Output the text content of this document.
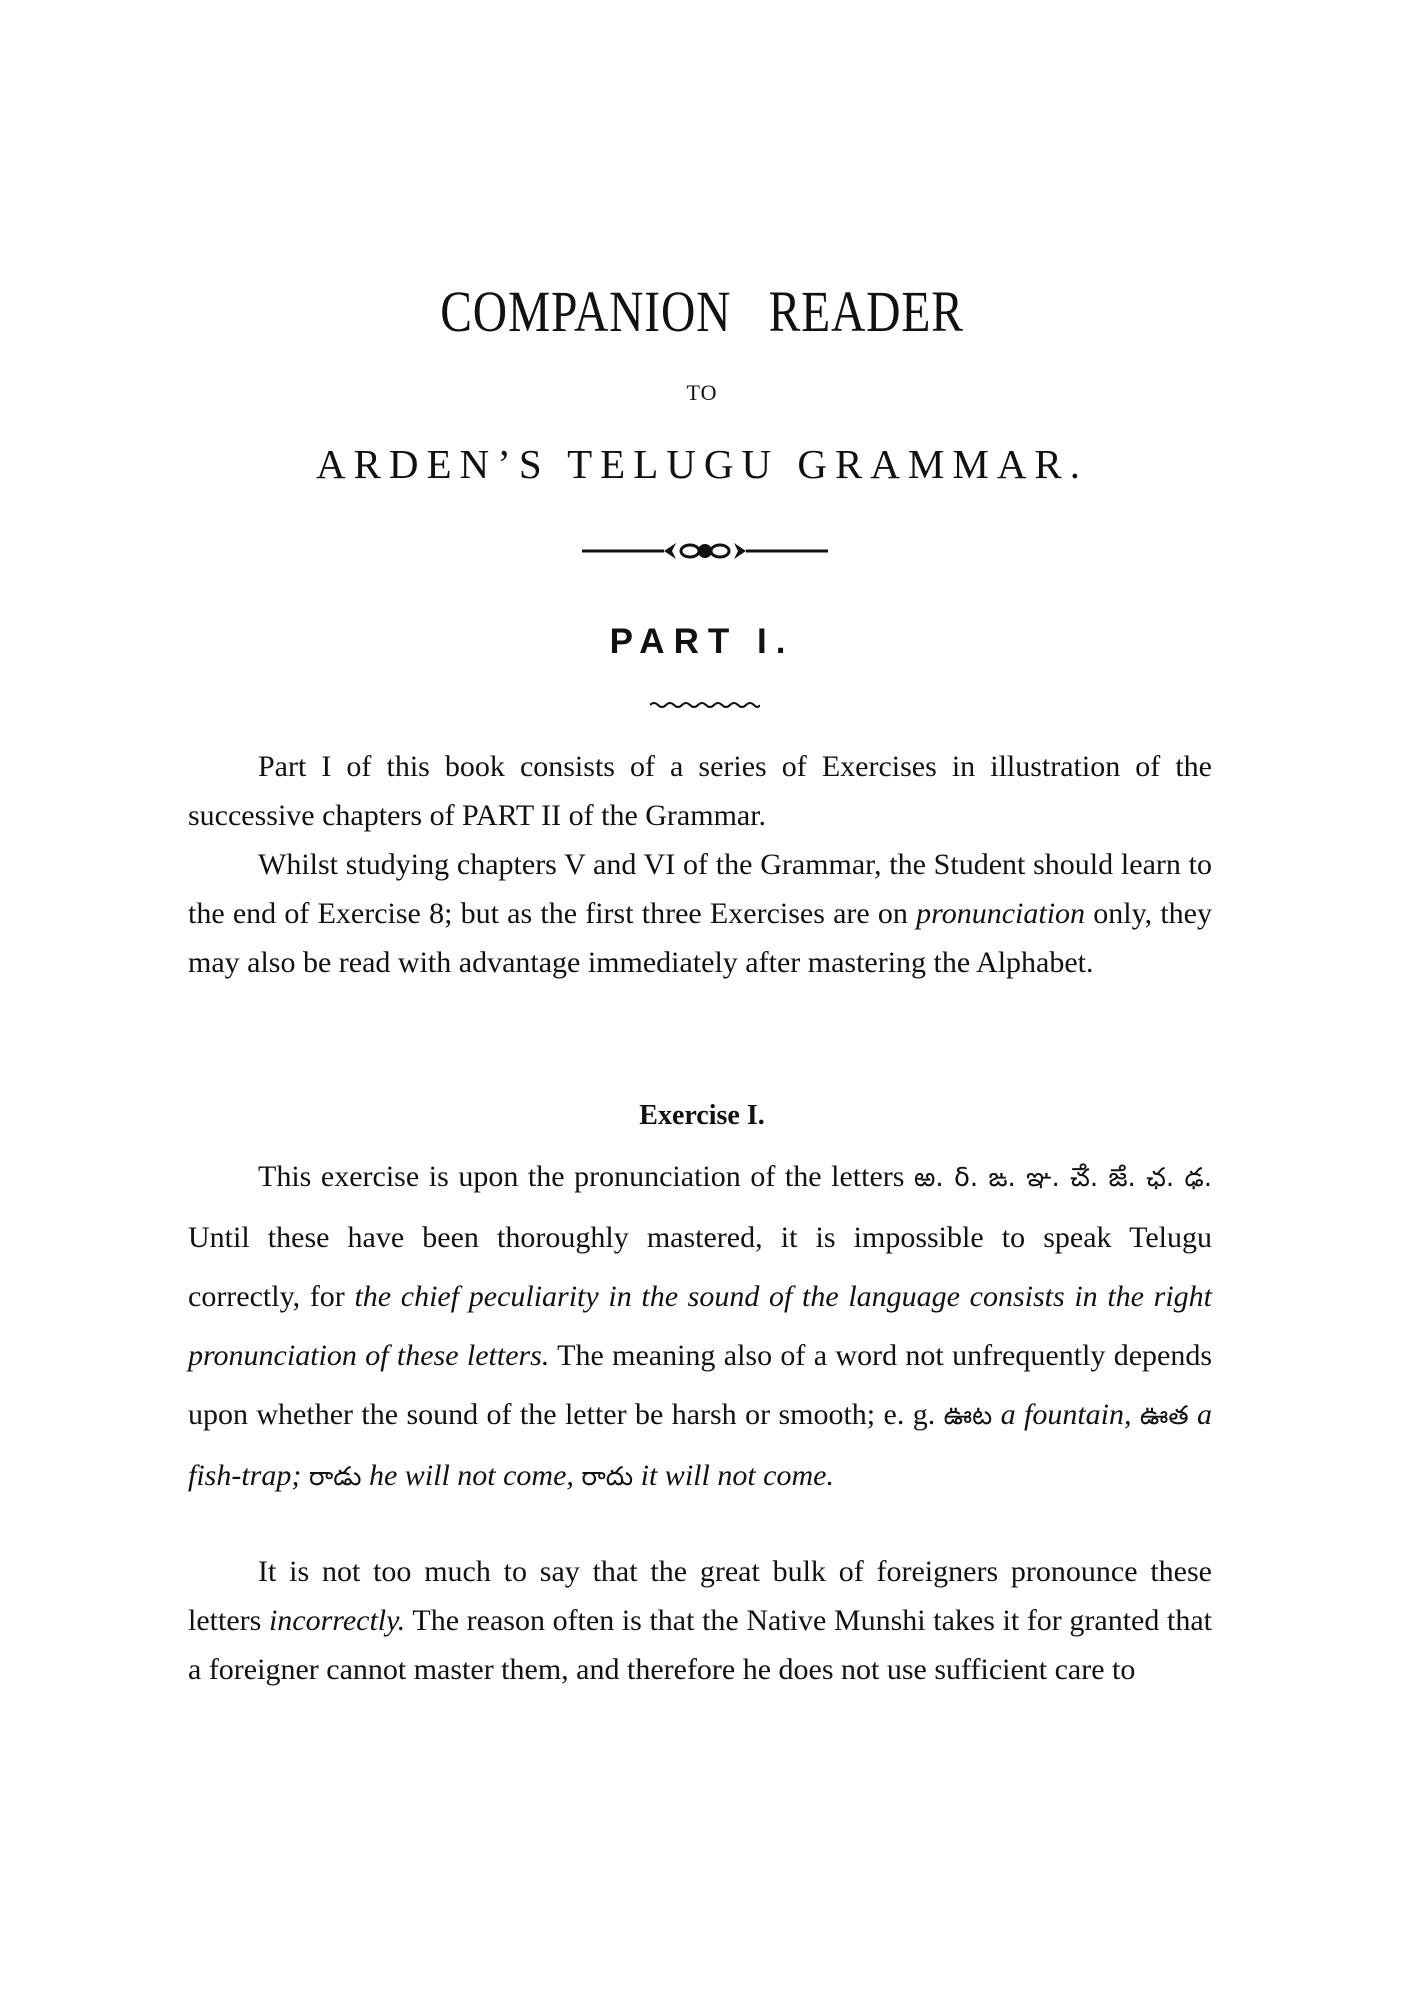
COMPANION READER
TO
ARDEN’S TELUGU GRAMMAR.
PART I.

Part I of this book consists of a series of Exercises in illustration of the successive chapters of PART II of the Grammar.

Whilst studying chapters V and VI of the Grammar, the Student should learn to the end of Exercise 8; but as the first three Exercises are on pronunciation only, they may also be read with advantage immediately after mastering the Alphabet.

Exercise I.

This exercise is upon the pronunciation of the letters ఱ. ẟ. ఙ. ఞ. ౘ. ౙ. ఛ. ఢ. Until these have been thoroughly mastered, it is impossible to speak Telugu correctly, for the chief peculiarity in the sound of the language consists in the right pronunciation of these letters. The meaning also of a word not unfrequently depends upon whether the sound of the letter be harsh or smooth; e. g. ఊట a fountain, ఊత a fish-trap; రాడు he will not come, రాదు it will not come.

It is not too much to say that the great bulk of foreigners pronounce these letters incorrectly. The reason often is that the Native Munshi takes it for granted that a foreigner cannot master them, and therefore he does not use sufficient care to
